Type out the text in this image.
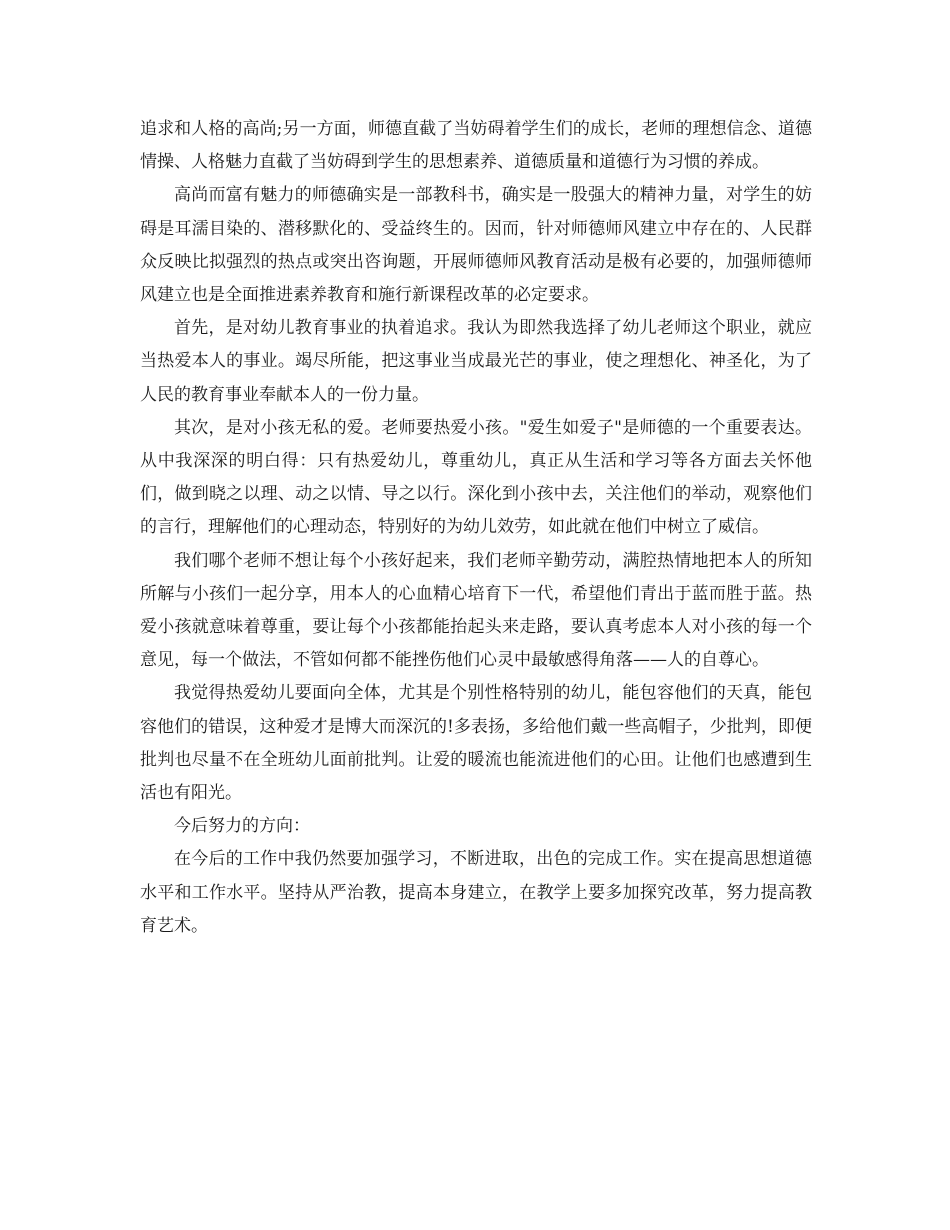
追求和人格的高尚;另一方面，师德直截了当妨碍着学生们的成长，老师的理想信念、道德情操、人格魅力直截了当妨碍到学生的思想素养、道德质量和道德行为习惯的养成。

高尚而富有魅力的师德确实是一部教科书，确实是一股强大的精神力量，对学生的妨碍是耳濡目染的、潜移默化的、受益终生的。因而，针对师德师风建立中存在的、人民群众反映比拟强烈的热点或突出咨询题，开展师德师风教育活动是极有必要的，加强师德师风建立也是全面推进素养教育和施行新课程改革的必定要求。

首先，是对幼儿教育事业的执着追求。我认为即然我选择了幼儿老师这个职业，就应当热爱本人的事业。竭尽所能，把这事业当成最光芒的事业，使之理想化、神圣化，为了人民的教育事业奉献本人的一份力量。

其次，是对小孩无私的爱。老师要热爱小孩。"爱生如爱子"是师德的一个重要表达。从中我深深的明白得：只有热爱幼儿，尊重幼儿，真正从生活和学习等各方面去关怀他们，做到晓之以理、动之以情、导之以行。深化到小孩中去，关注他们的举动，观察他们的言行，理解他们的心理动态，特别好的为幼儿效劳，如此就在他们中树立了威信。

我们哪个老师不想让每个小孩好起来，我们老师辛勤劳动，满腔热情地把本人的所知所解与小孩们一起分享，用本人的心血精心培育下一代，希望他们青出于蓝而胜于蓝。热爱小孩就意味着尊重，要让每个小孩都能抬起头来走路，要认真考虑本人对小孩的每一个意见，每一个做法，不管如何都不能挫伤他们心灵中最敏感得角落——人的自尊心。

我觉得热爱幼儿要面向全体，尤其是个别性格特别的幼儿，能包容他们的天真，能包容他们的错误，这种爱才是博大而深沉的!多表扬，多给他们戴一些高帽子，少批判，即便批判也尽量不在全班幼儿面前批判。让爱的暖流也能流进他们的心田。让他们也感遭到生活也有阳光。

今后努力的方向：

在今后的工作中我仍然要加强学习，不断进取，出色的完成工作。实在提高思想道德水平和工作水平。坚持从严治教，提高本身建立，在教学上要多加探究改革，努力提高教育艺术。
